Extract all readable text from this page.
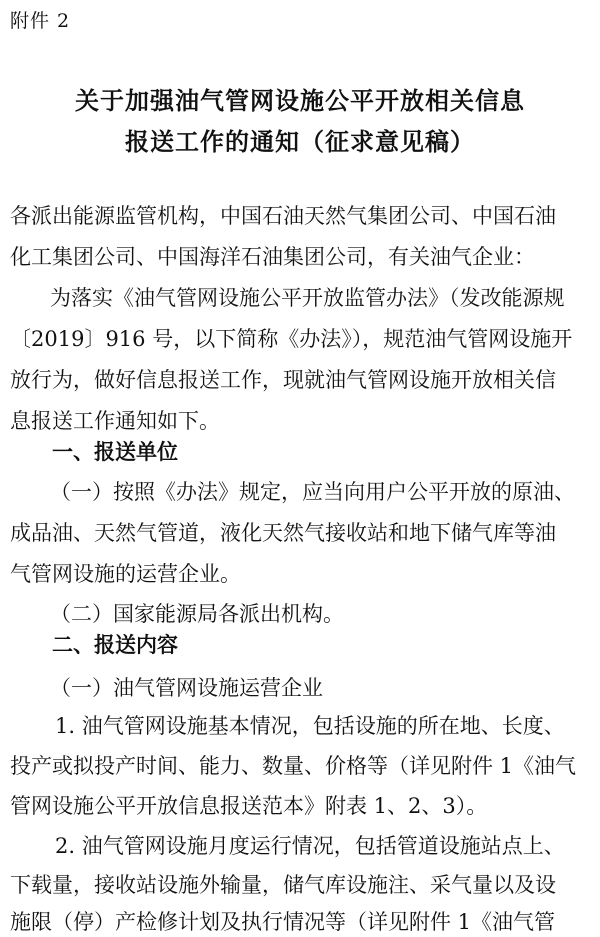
附件 2
关于加强油气管网设施公平开放相关信息
报送工作的通知（征求意见稿）
各派出能源监管机构，中国石油天然气集团公司、中国石油
化工集团公司、中国海洋石油集团公司，有关油气企业：
为落实《油气管网设施公平开放监管办法》（发改能源规
〔2019〕916 号，以下简称《办法》），规范油气管网设施开
放行为，做好信息报送工作，现就油气管网设施开放相关信
息报送工作通知如下。
一、报送单位
（一）按照《办法》规定，应当向用户公平开放的原油、
成品油、天然气管道，液化天然气接收站和地下储气库等油
气管网设施的运营企业。
（二）国家能源局各派出机构。
二、报送内容
（一）油气管网设施运营企业
1. 油气管网设施基本情况，包括设施的所在地、长度、
投产或拟投产时间、能力、数量、价格等（详见附件 1《油气
管网设施公平开放信息报送范本》附表 1、2、3）。
2. 油气管网设施月度运行情况，包括管道设施站点上、
下载量，接收站设施外输量，储气库设施注、采气量以及设
施限（停）产检修计划及执行情况等（详见附件 1《油气管
